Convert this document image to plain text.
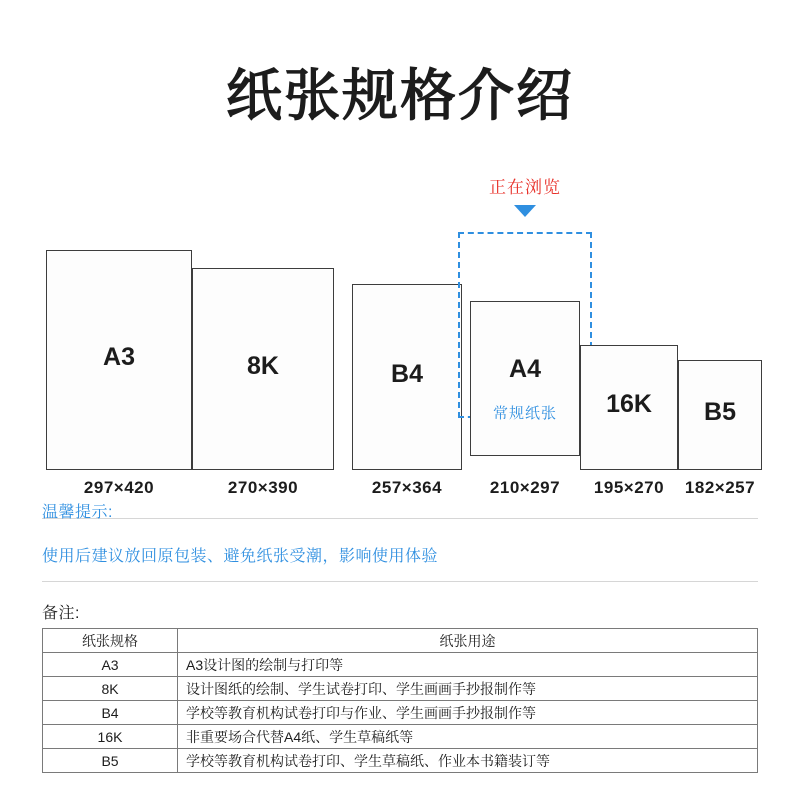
纸张规格介绍
正在浏览
A3	8K	B4	A4
常规纸张	16K B5
297×420	270×390	257×364	210×297	195×270	182×257
温馨提示:
使用后建议放回原包装、避免纸张受潮，影响使用体验
备注:
纸张规格	纸张用途
A3	A3设计图的绘制与打印等
8K	设计图纸的绘制、学生试卷打印、学生画画手抄报制作等
B4	学校等教育机构试卷打印与作业、学生画画手抄报制作等
16K	非重要场合代替A4纸、学生草稿纸等
B5	学校等教育机构试卷打印、学生草稿纸、作业本书籍装订等
